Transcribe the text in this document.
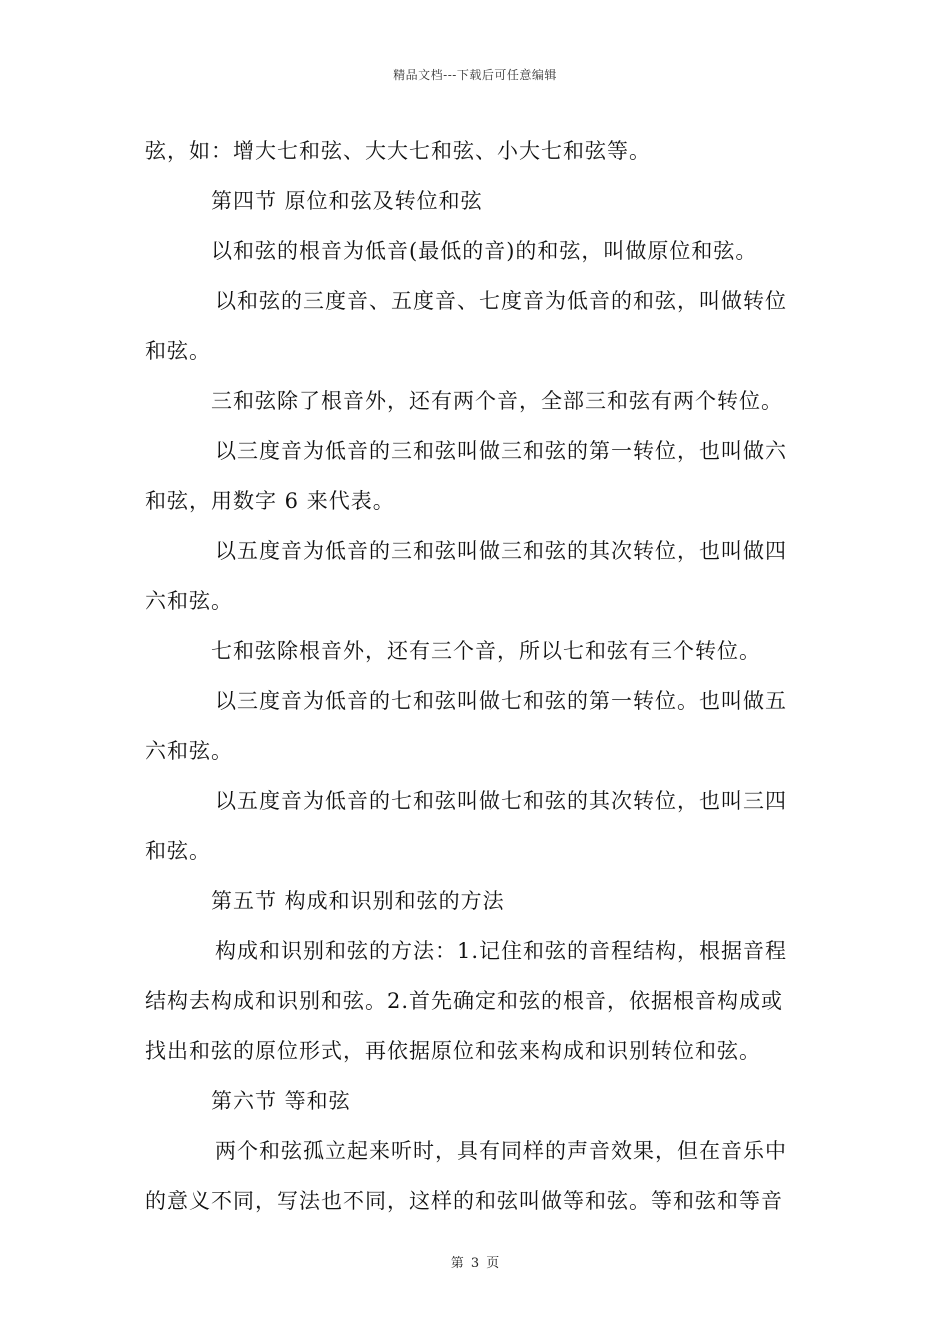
精品文档---下载后可任意编辑
弦，如：增大七和弦、大大七和弦、小大七和弦等。
第四节 原位和弦及转位和弦
以和弦的根音为低音(最低的音)的和弦，叫做原位和弦。
以和弦的三度音、五度音、七度音为低音的和弦，叫做转位
和弦。
三和弦除了根音外，还有两个音，全部三和弦有两个转位。
以三度音为低音的三和弦叫做三和弦的第一转位，也叫做六
和弦，用数字 6 来代表。
以五度音为低音的三和弦叫做三和弦的其次转位，也叫做四
六和弦。
七和弦除根音外，还有三个音，所以七和弦有三个转位。
以三度音为低音的七和弦叫做七和弦的第一转位。也叫做五
六和弦。
以五度音为低音的七和弦叫做七和弦的其次转位，也叫三四
和弦。
第五节 构成和识别和弦的方法
构成和识别和弦的方法：1.记住和弦的音程结构，根据音程
结构去构成和识别和弦。2.首先确定和弦的根音，依据根音构成或
找出和弦的原位形式，再依据原位和弦来构成和识别转位和弦。
第六节 等和弦
两个和弦孤立起来听时，具有同样的声音效果，但在音乐中
的意义不同，写法也不同，这样的和弦叫做等和弦。等和弦和等音
第 3 页
